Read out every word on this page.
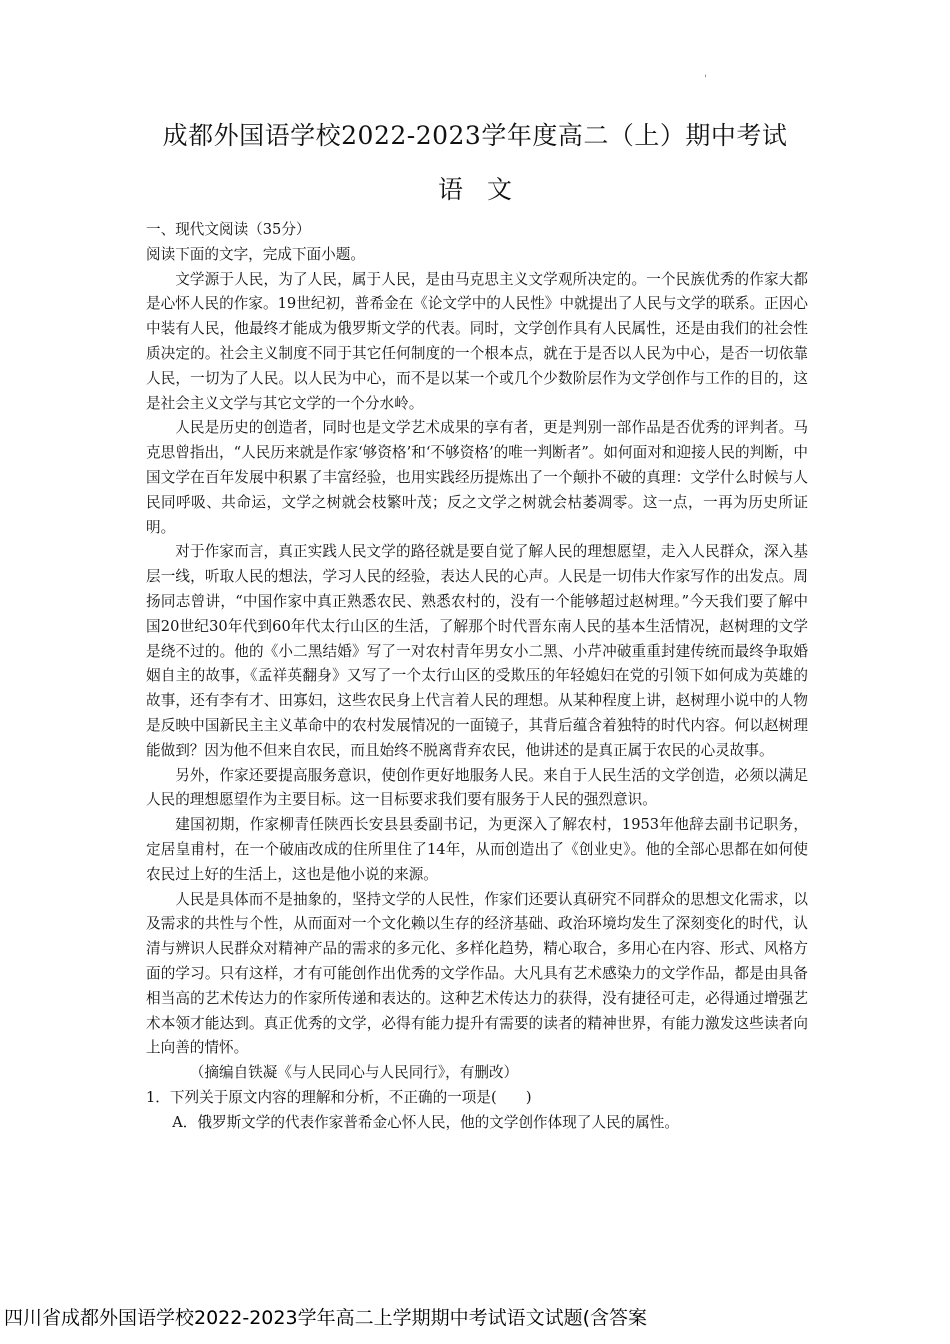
'
成都外国语学校2022-2023学年度高二（上）期中考试
语文

一、现代文阅读（35分）

阅读下面的文字，完成下面小题。

文学源于人民，为了人民，属于人民，是由马克思主义文学观所决定的。一个民族优秀的作家大都是心怀人民的作家。19世纪初，普希金在《论文学中的人民性》中就提出了人民与文学的联系。正因心中装有人民，他最终才能成为俄罗斯文学的代表。同时，文学创作具有人民属性，还是由我们的社会性质决定的。社会主义制度不同于其它任何制度的一个根本点，就在于是否以人民为中心，是否一切依靠人民，一切为了人民。以人民为中心，而不是以某一个或几个少数阶层作为文学创作与工作的目的，这是社会主义文学与其它文学的一个分水岭。

人民是历史的创造者，同时也是文学艺术成果的享有者，更是判别一部作品是否优秀的评判者。马克思曾指出，“人民历来就是作家‘够资格’和‘不够资格’的唯一判断者”。如何面对和迎接人民的判断，中国文学在百年发展中积累了丰富经验，也用实践经历提炼出了一个颠扑不破的真理：文学什么时候与人民同呼吸、共命运，文学之树就会枝繁叶茂；反之文学之树就会枯萎凋零。这一点，一再为历史所证明。

对于作家而言，真正实践人民文学的路径就是要自觉了解人民的理想愿望，走入人民群众，深入基层一线，听取人民的想法，学习人民的经验，表达人民的心声。人民是一切伟大作家写作的出发点。周扬同志曾讲，“中国作家中真正熟悉农民、熟悉农村的，没有一个能够超过赵树理。”今天我们要了解中国20世纪30年代到60年代太行山区的生活，了解那个时代晋东南人民的基本生活情况，赵树理的文学是绕不过的。他的《小二黑结婚》写了一对农村青年男女小二黑、小芹冲破重重封建传统而最终争取婚姻自主的故事，《孟祥英翻身》又写了一个太行山区的受欺压的年轻媳妇在党的引领下如何成为英雄的故事，还有李有才、田寡妇，这些农民身上代言着人民的理想。从某种程度上讲，赵树理小说中的人物是反映中国新民主主义革命中的农村发展情况的一面镜子，其背后蕴含着独特的时代内容。何以赵树理能做到？因为他不但来自农民，而且始终不脱离背弃农民，他讲述的是真正属于农民的心灵故事。

另外，作家还要提高服务意识，使创作更好地服务人民。来自于人民生活的文学创造，必须以满足人民的理想愿望作为主要目标。这一目标要求我们要有服务于人民的强烈意识。

建国初期，作家柳青任陕西长安县县委副书记，为更深入了解农村，1953年他辞去副书记职务，定居皇甫村，在一个破庙改成的住所里住了14年，从而创造出了《创业史》。他的全部心思都在如何使农民过上好的生活上，这也是他小说的来源。

人民是具体而不是抽象的，坚持文学的人民性，作家们还要认真研究不同群众的思想文化需求，以及需求的共性与个性，从而面对一个文化赖以生存的经济基础、政治环境均发生了深刻变化的时代，认清与辨识人民群众对精神产品的需求的多元化、多样化趋势，精心取合，多用心在内容、形式、风格方面的学习。只有这样，才有可能创作出优秀的文学作品。大凡具有艺术感染力的文学作品，都是由具备相当高的艺术传达力的作家所传递和表达的。这种艺术传达力的获得，没有捷径可走，必得通过增强艺术本领才能达到。真正优秀的文学，必得有能力提升有需要的读者的精神世界，有能力激发这些读者向上向善的情怀。

（摘编自铁凝《与人民同心与人民同行》，有删改）

1．下列关于原文内容的理解和分析，不正确的一项是(　　)

A．俄罗斯文学的代表作家普希金心怀人民，他的文学创作体现了人民的属性。

四川省成都外国语学校2022-2023学年高二上学期期中考试语文试题(含答案
